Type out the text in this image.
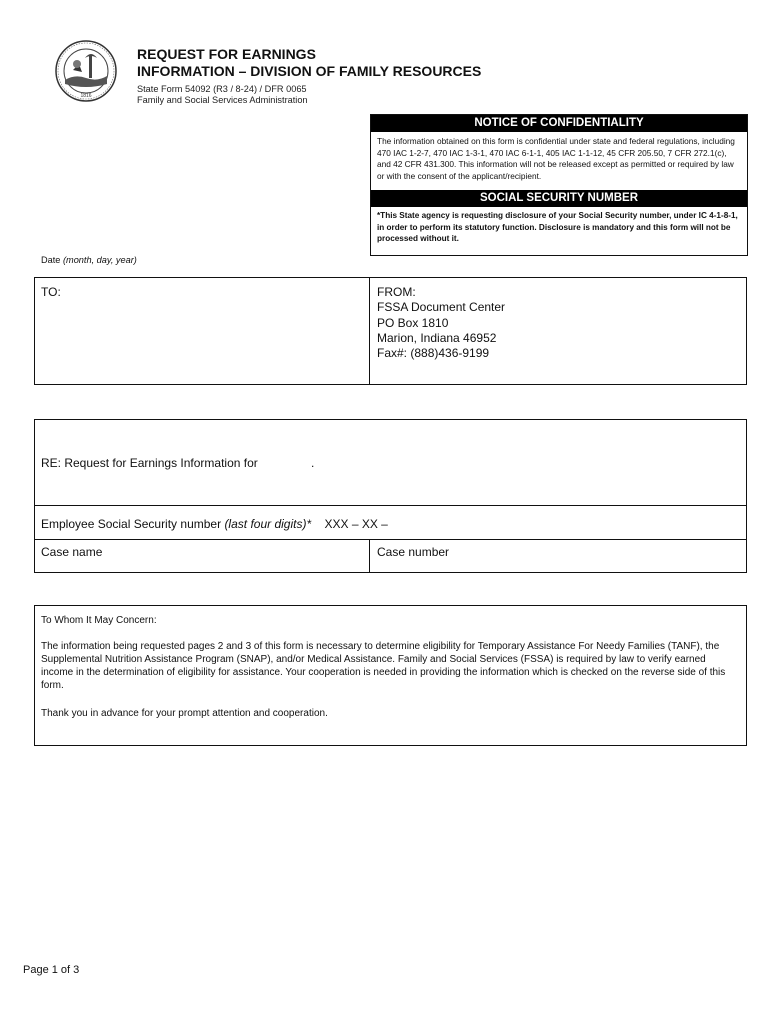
1816
REQUEST FOR EARNINGS
INFORMATION – DIVISION OF FAMILY RESOURCES
State Form 54092 (R3 / 8-24) / DFR 0065
Family and Social Services Administration
NOTICE OF CONFIDENTIALITY
The information obtained on this form is confidential under state and federal regulations, including 470 IAC 1-2-7, 470 IAC 1-3-1, 470 IAC 6-1-1, 405 IAC 1-1-12, 45 CFR 205.50, 7 CFR 272.1(c), and 42 CFR 431.300. This information will not be released except as permitted or required by law or with the consent of the applicant/recipient.
SOCIAL SECURITY NUMBER
*This State agency is requesting disclosure of your Social Security number, under IC 4-1-8-1, in order to perform its statutory function. Disclosure is mandatory and this form will not be processed without it.
Date (month, day, year)
TO:	FROM:
FSSA Document Center
PO Box 1810
Marion, Indiana 46952
Fax#: (888)436-9199
RE: Request for Earnings Information for	.
Employee Social Security number (last four digits)* XXX – XX –
Case name	Case number
To Whom It May Concern:
The information being requested pages 2 and 3 of this form is necessary to determine eligibility for Temporary Assistance For Needy Families (TANF), the Supplemental Nutrition Assistance Program (SNAP), and/or Medical Assistance. Family and Social Services (FSSA) is required by law to verify earned income in the determination of eligibility for assistance. Your cooperation is needed in providing the information which is checked on the reverse side of this form.
Thank you in advance for your prompt attention and cooperation.
Page 1 of 3
